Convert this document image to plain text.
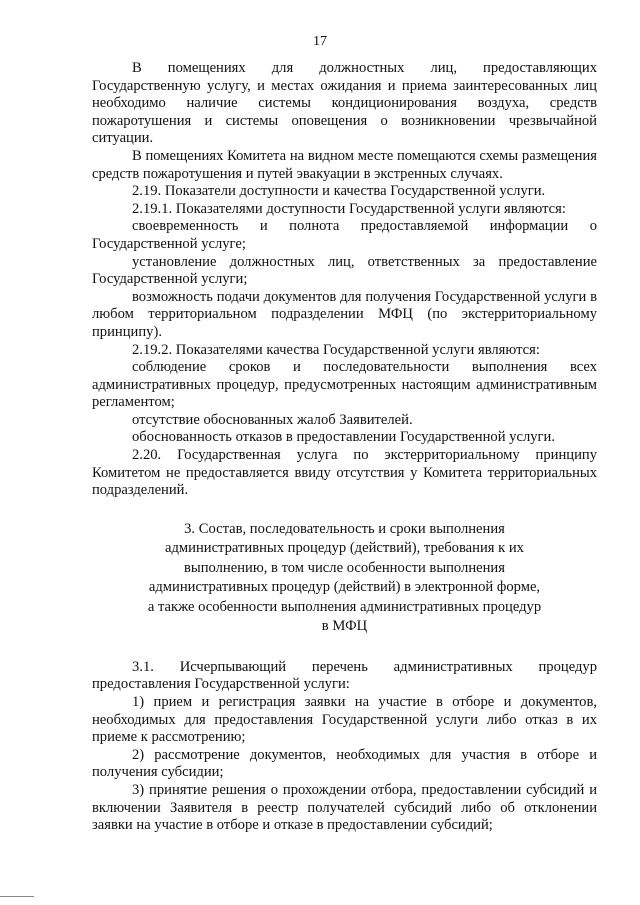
17

В помещениях для должностных лиц, предоставляющих Государственную услугу, и местах ожидания и приема заинтересованных лиц необходимо наличие системы кондиционирования воздуха, средств пожаротушения и системы оповещения о возникновении чрезвычайной ситуации.

В помещениях Комитета на видном месте помещаются схемы размещения средств пожаротушения и путей эвакуации в экстренных случаях.

2.19. Показатели доступности и качества Государственной услуги.

2.19.1. Показателями доступности Государственной услуги являются:

своевременность и полнота предоставляемой информации о Государственной услуге;

установление должностных лиц, ответственных за предоставление Государственной услуги;

возможность подачи документов для получения Государственной услуги в любом территориальном подразделении МФЦ (по экстерриториальному принципу).

2.19.2. Показателями качества Государственной услуги являются:

соблюдение сроков и последовательности выполнения всех административных процедур, предусмотренных настоящим административным регламентом;

отсутствие обоснованных жалоб Заявителей.

обоснованность отказов в предоставлении Государственной услуги.

2.20. Государственная услуга по экстерриториальному принципу Комитетом не предоставляется ввиду отсутствия у Комитета территориальных подразделений.

3. Состав, последовательность и сроки выполнения
административных процедур (действий), требования к их
выполнению, в том числе особенности выполнения
административных процедур (действий) в электронной форме,
а также особенности выполнения административных процедур
в МФЦ

3.1. Исчерпывающий перечень административных процедур предоставления Государственной услуги:

1) прием и регистрация заявки на участие в отборе и документов, необходимых для предоставления Государственной услуги либо отказ в их приеме к рассмотрению;

2) рассмотрение документов, необходимых для участия в отборе и получения субсидии;

3) принятие решения о прохождении отбора, предоставлении субсидий и включении Заявителя в реестр получателей субсидий либо об отклонении заявки на участие в отборе и отказе в предоставлении субсидий;
